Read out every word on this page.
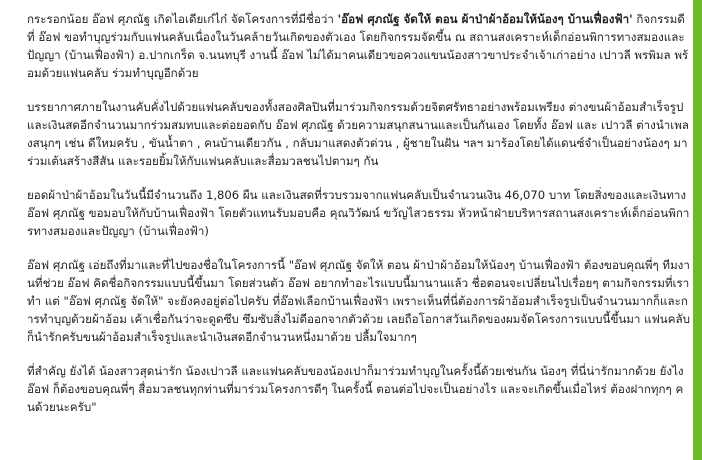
กระรอกน้อย อ๊อฟ ศุภณัฐ เกิดไอเดียเก๋ไก๋ จัดโครงการที่มีชื่อว่า 'อ๊อฟ ศุภณัฐ จัดให้ ตอน ผ้าป่าผ้าอ้อมให้น้องๆ บ้านเฟื่องฟ้า' กิจกรรมดีที่ อ๊อฟ ขอทำบุญร่วมกับแฟนคลับเนื่องในวันคล้ายวันเกิดของตัวเอง โดยกิจกรรมจัดขึ้น ณ สถานสงเคราะห์เด็กอ่อนพิการทางสมองและปัญญา (บ้านเฟื่องฟ้า) อ.ปากเกร็ด จ.นนทบุรี งานนี้ อ๊อฟ ไม่ได้มาคนเดียวขอควงแขนน้องสาวขาประจำเจ้าเก่าอย่าง เปาวลี พรพิมล พร้อมด้วยแฟนคลับ ร่วมทำบุญอีกด้วย

บรรยากาศภายในงานคับคั่งไปด้วยแฟนคลับของทั้งสองศิลปินที่มาร่วมกิจกรรมด้วยจิตศรัทธาอย่างพร้อมเพรียง ต่างขนผ้าอ้อมสำเร็จรูป และเงินสดอีกจำนวนมากร่วมสมทบและต่อยอดกับ อ๊อฟ ศุภณัฐ ด้วยความสนุกสนานและเป็นกันเอง โดยทั้ง อ๊อฟ และ เปาวลี ต่างนำเพลงสนุกๆ เช่น ดีใหมครับ , ขันน้ำตา , คนบ้านเดียวกัน , กลับมาแสดงตัวด่วน , ผู้ชายในฝัน ฯลฯ มาร้องโดยได้แดนซ์จำเป็นอย่างน้องๆ มาร่วมเต้นสร้างสีสัน และรอยยิ้มให้กับแฟนคลับและสื่อมวลชนไปตามๆ กัน

ยอดผ้าป่าผ้าอ้อมในวันนี้มีจำนวนถึง 1,806 ผืน และเงินสดที่รวบรวมจากแฟนคลับเป็นจำนวนเงิน 46,070 บาท โดยสิ่งของและเงินทาง อ๊อฟ ศุภณัฐ ขอมอบให้กับบ้านเฟื่องฟ้า โดยตัวแทนรับมอบคือ คุณวิวัฒน์ ขวัญไสวธรรม หัวหน้าฝ่ายบริหารสถานสงเคราะห์เด็กอ่อนพิการทางสมองและปัญญา (บ้านเฟื่องฟ้า)

อ๊อฟ ศุภณัฐ เอ่ยถึงที่มาและที่ไปของชื่อในโครงการนี้ "อ๊อฟ ศุภณัฐ จัดให้ ตอน ผ้าป่าผ้าอ้อมให้น้องๆ บ้านเฟื่องฟ้า ต้องขอบคุณพี่ๆ ทีมงานที่ช่วย อ๊อฟ คิดชื่อกิจกรรมแบบนี้ขึ้นมา โดยส่วนตัว อ๊อฟ อยากทำอะไรแบบนี้มานานแล้ว ชื่อตอนจะเปลี่ยนไปเรื่อยๆ ตามกิจกรรมที่เราทำ แต่ "อ๊อฟ ศุภณัฐ จัดให้" จะยังคงอยู่ต่อไปครับ ที่อ๊อฟเลือกบ้านเฟื่องฟ้า เพราะเห็นที่นี่ต้องการผ้าอ้อมสำเร็จรูปเป็นจำนวนมากก็และการทำบุญด้วยผ้าอ้อม เค้าเชื่อกันว่าจะดูดซึบ ซึมซับสิ่งไม่ดีออกจากตัวด้วย เลยถือโอกาสวันเกิดของผมจัดโครงการแบบนี้ขึ้นมา แฟนคลับก็นำรักครับขนผ้าอ้อมสำเร็จรูปและนำเงินสดอีกจำนวนหนึ่งมาด้วย ปลื้มใจมากๆ

ที่สำคัญ ยังได้ น้องสาวสุดน่ารัก น้องเปาวลี และแฟนคลับของน้องเปาก็มาร่วมทำบุญในครั้งนี้ด้วยเช่นกัน น้องๆ ที่นี่น่ารักมากด้วย ยังไง อ๊อฟ ก็ต้องขอบคุณพี่ๆ สื่อมวลชนทุกท่านที่มาร่วมโครงการดีๆ ในครั้งนี้ ตอนต่อไปจะเป็นอย่างไร และจะเกิดขึ้นเมื่อไหร่ ต้องฝากทุกๆ คนด้วยนะครับ"
